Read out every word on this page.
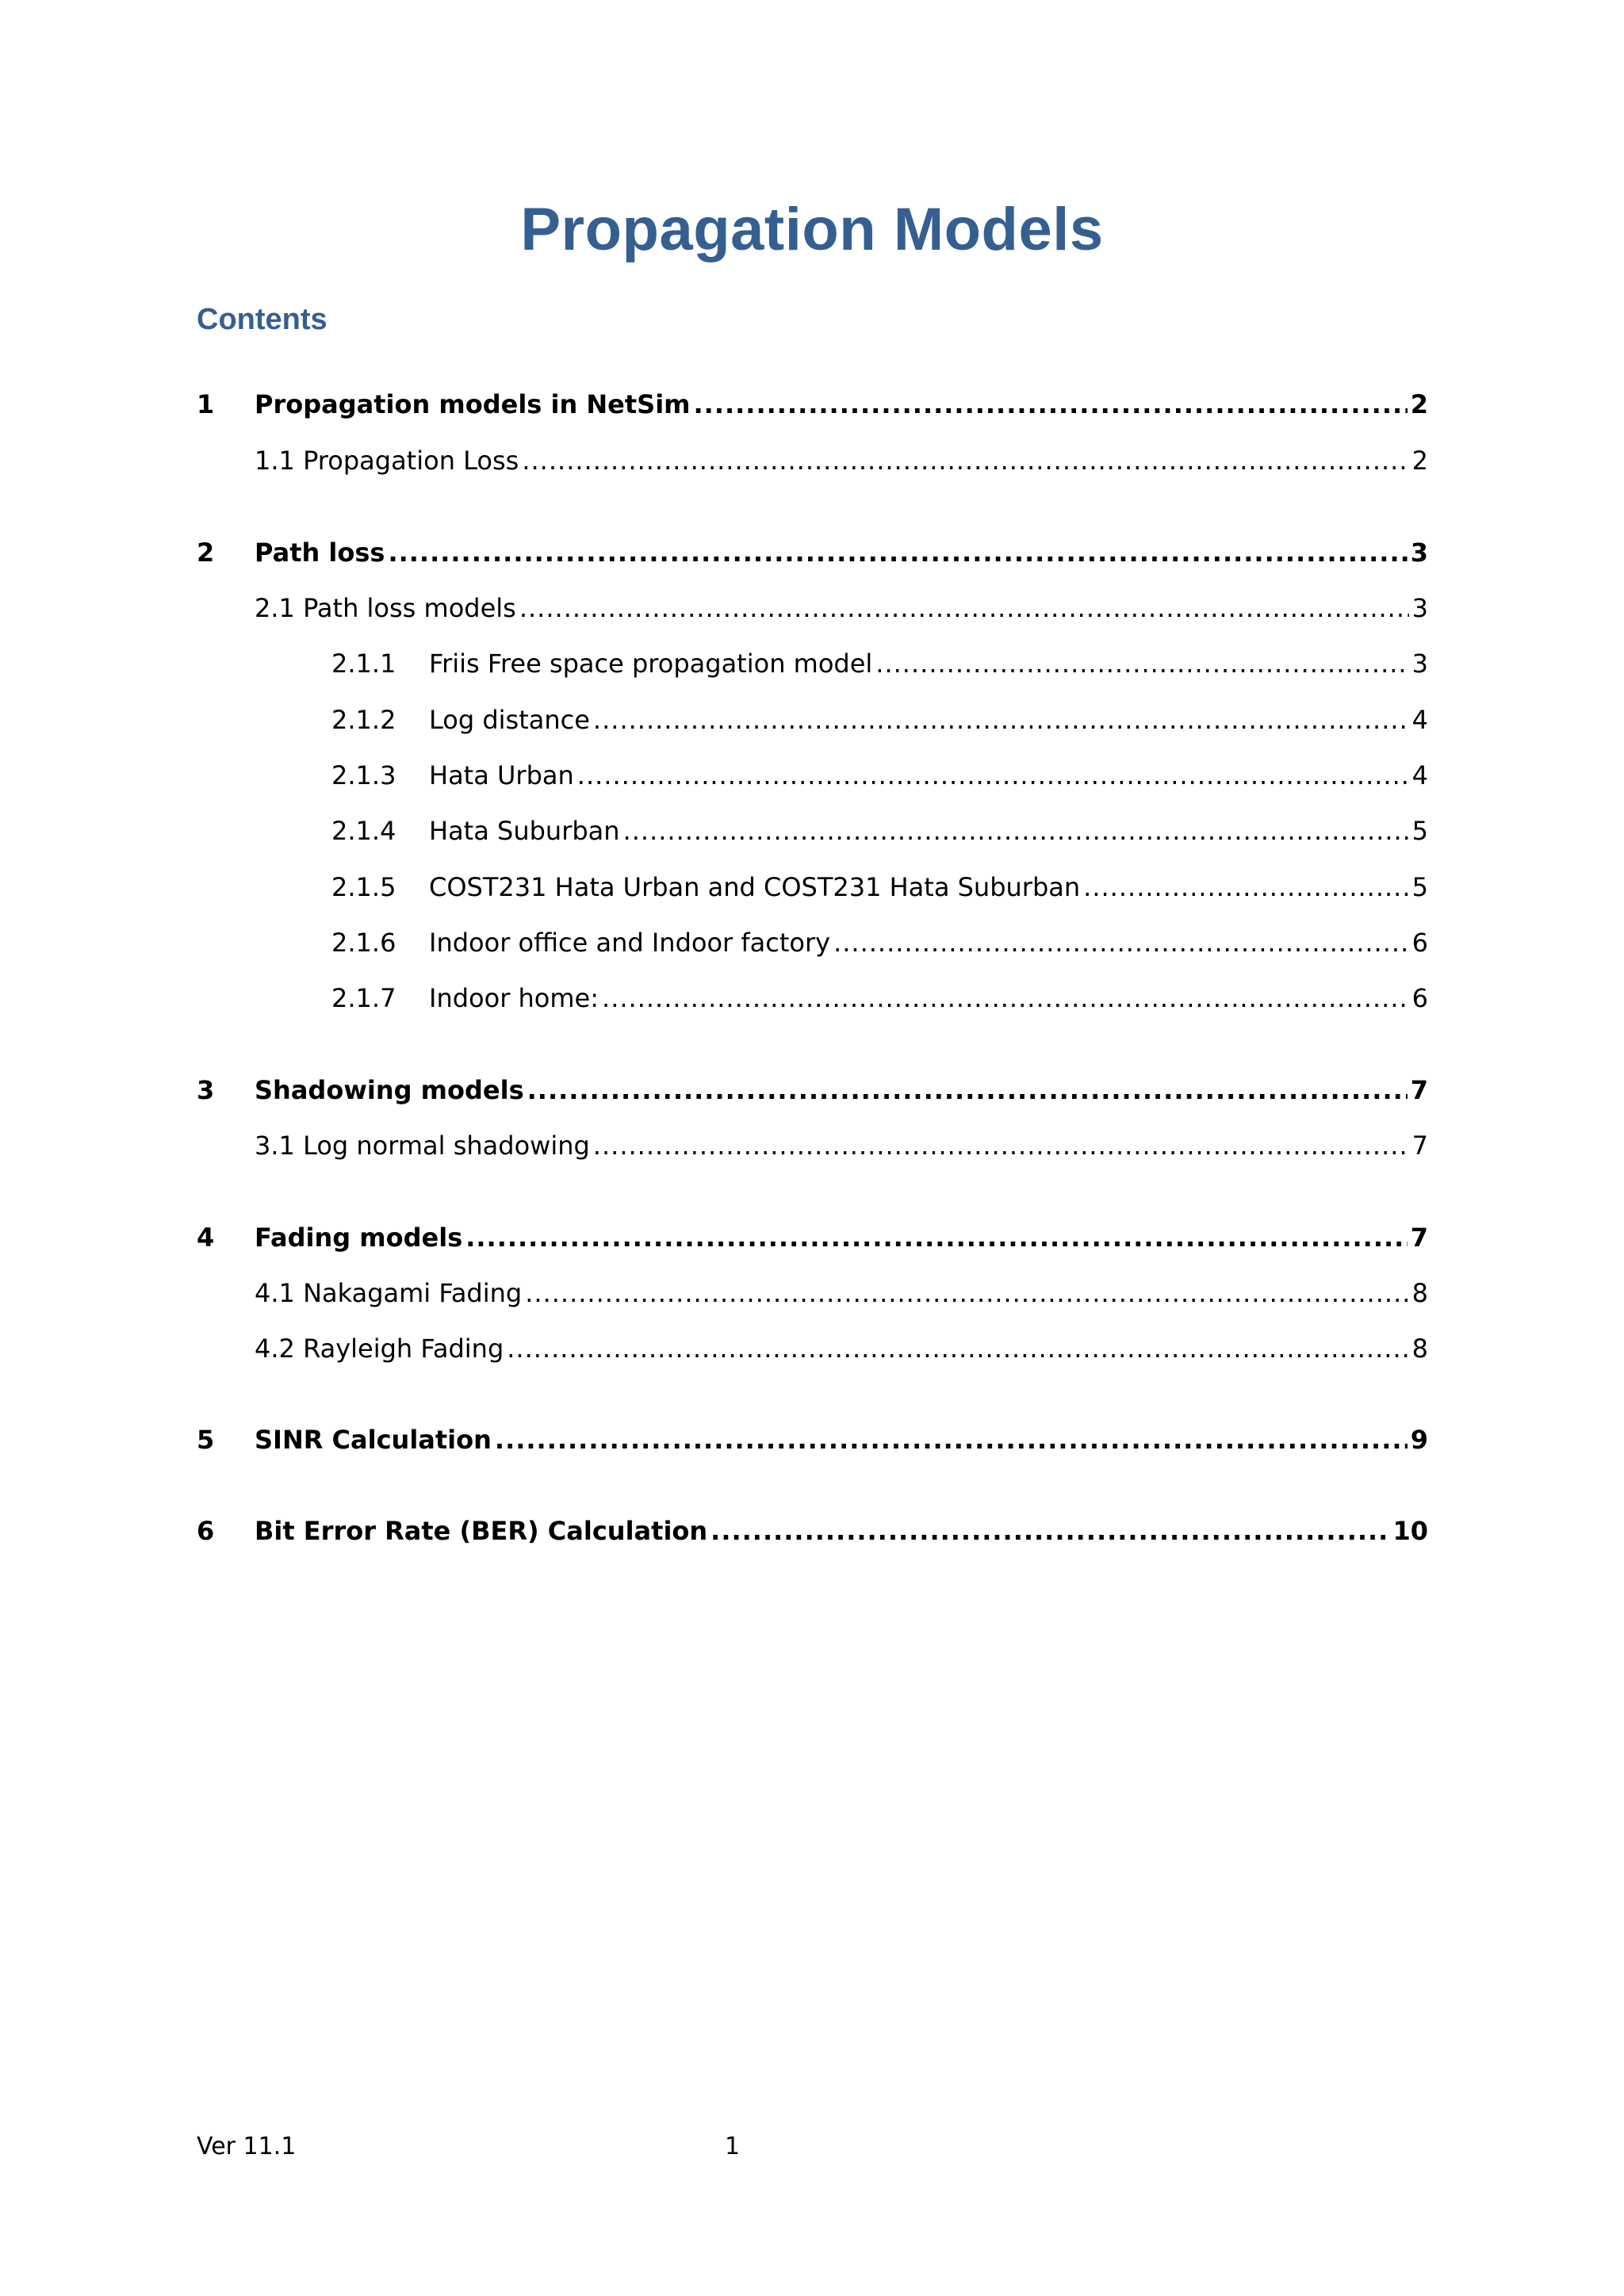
Propagation Models
Contents
1 Propagation models in NetSim .....	2
1.1 Propagation Loss .....	2
2 Path loss .....	3
2.1 Path loss models .....	3
2.1.1 Friis Free space propagation model .....	3
2.1.2 Log distance .....	4
2.1.3 Hata Urban .....	4
2.1.4 Hata Suburban .....	5
2.1.5 COST231 Hata Urban and COST231 Hata Suburban .....	5
2.1.6 Indoor office and Indoor factory .....	6
2.1.7 Indoor home: .....	6
3 Shadowing models .....	7
3.1 Log normal shadowing .....	7
4 Fading models .....	7
4.1 Nakagami Fading .....	8
4.2 Rayleigh Fading .....	8
5 SINR Calculation .....	9
6 Bit Error Rate (BER) Calculation .....	10
Ver 11.1	1
